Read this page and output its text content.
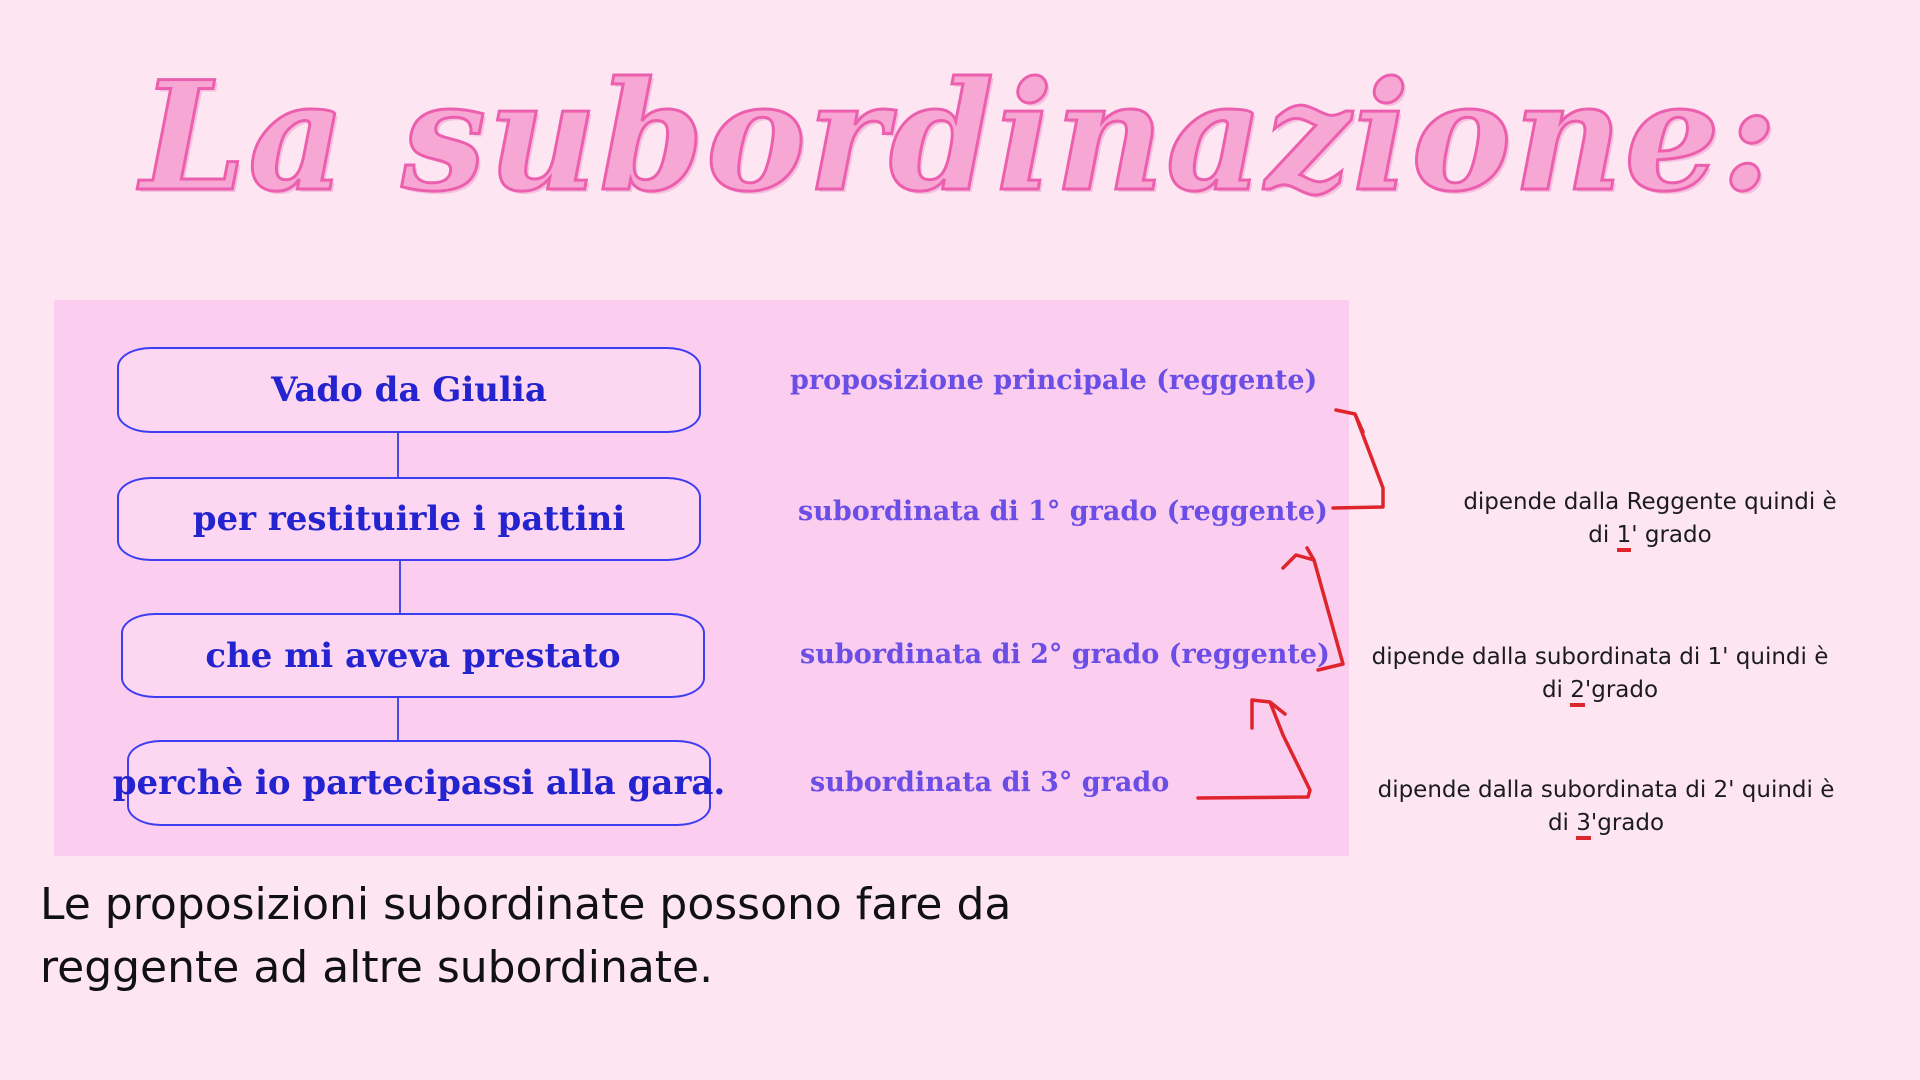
La subordinazione:
Vado da Giulia
per restituirle i pattini
che mi aveva prestato
perchè io partecipassi alla gara.
proposizione principale (reggente)
subordinata di 1° grado (reggente)
subordinata di 2° grado (reggente)
subordinata di 3° grado
dipende dalla Reggente quindi è
di 1' grado
dipende dalla subordinata di 1' quindi è
di 2'grado
dipende dalla subordinata di 2' quindi è
di 3'grado
Le proposizioni subordinate possono fare da
reggente ad altre subordinate.
